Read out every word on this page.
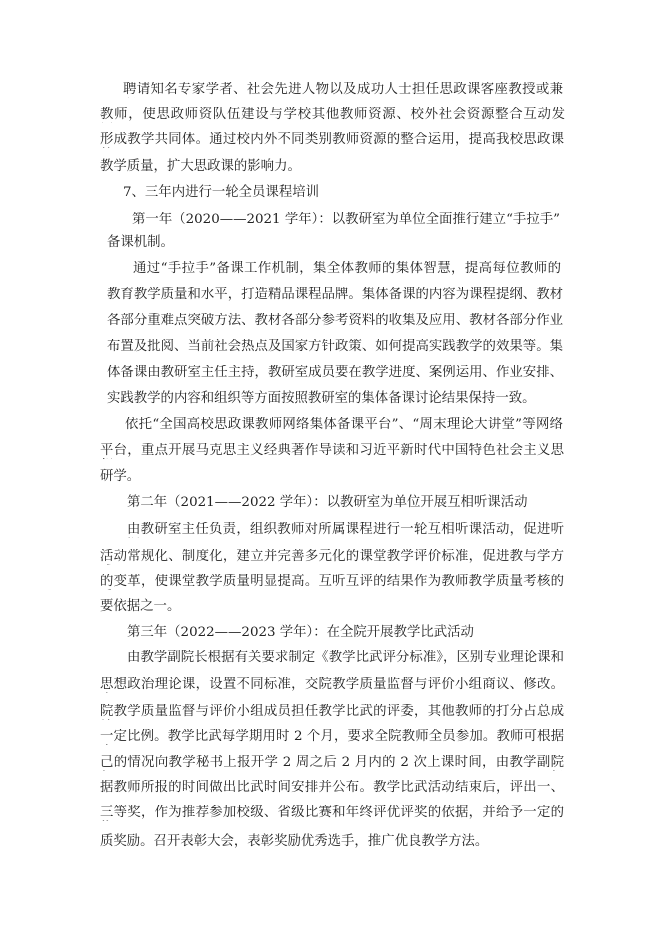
聘请知名专家学者、社会先进人物以及成功人士担任思政课客座教授或兼
教师，使思政师资队伍建设与学校其他教师资源、校外社会资源整合互动发
形成教学共同体。通过校内外不同类别教师资源的整合运用，提高我校思政课
教学质量，扩大思政课的影响力。
7、三年内进行一轮全员课程培训
第一年（2020——2021 学年）：以教研室为单位全面推行建立“手拉手”
备课机制。
通过“手拉手”备课工作机制，集全体教师的集体智慧，提高每位教师的
教育教学质量和水平，打造精品课程品牌。集体备课的内容为课程提纲、教材
各部分重难点突破方法、教材各部分参考资料的收集及应用、教材各部分作业
布置及批阅、当前社会热点及国家方针政策、如何提高实践教学的效果等。集
体备课由教研室主任主持，教研室成员要在教学进度、案例运用、作业安排、
实践教学的内容和组织等方面按照教研室的集体备课讨论结果保持一致。
依托“全国高校思政课教师网络集体备课平台”、“周末理论大讲堂”等网络
平台，重点开展马克思主义经典著作导读和习近平新时代中国特色社会主义思
研学。
第二年（2021——2022 学年）：以教研室为单位开展互相听课活动
由教研室主任负责，组织教师对所属课程进行一轮互相听课活动，促进听
活动常规化、制度化，建立并完善多元化的课堂教学评价标准，促进教与学方
的变革，使课堂教学质量明显提高。互听互评的结果作为教师教学质量考核的
要依据之一。
第三年（2022——2023 学年）：在全院开展教学比武活动
由教学副院长根据有关要求制定《教学比武评分标准》，区别专业理论课和
思想政治理论课，设置不同标准，交院教学质量监督与评价小组商议、修改。
院教学质量监督与评价小组成员担任教学比武的评委，其他教师的打分占总成
一定比例。教学比武每学期用时 2 个月，要求全院教师全员参加。教师可根据
己的情况向教学秘书上报开学 2 周之后 2 月内的 2 次上课时间，由教学副院
据教师所报的时间做出比武时间安排并公布。教学比武活动结束后，评出一、
三等奖，作为推荐参加校级、省级比赛和年终评优评奖的依据，并给予一定的
质奖励。召开表彰大会，表彰奖励优秀选手，推广优良教学方法。
